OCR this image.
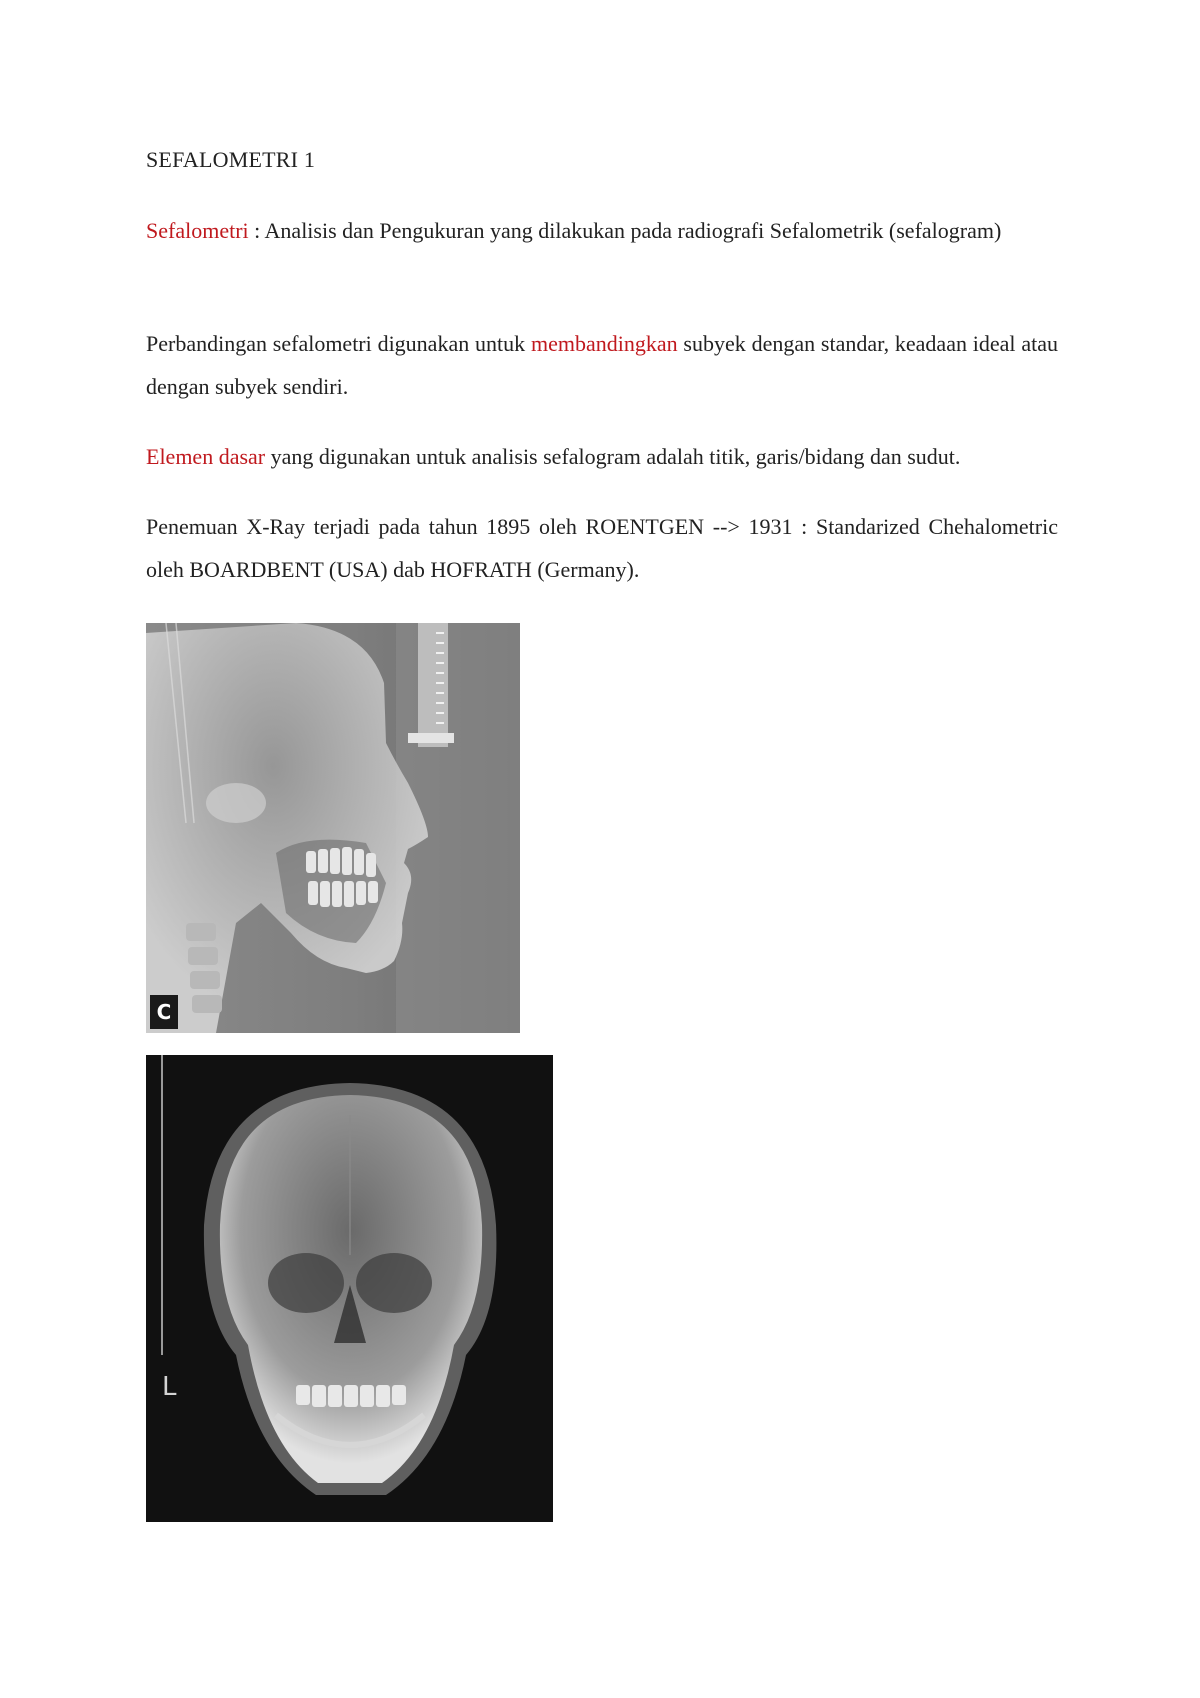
SEFALOMETRI 1

Sefalometri : Analisis dan Pengukuran yang dilakukan pada radiografi Sefalometrik (sefalogram)

Perbandingan sefalometri digunakan untuk membandingkan subyek dengan standar, keadaan ideal atau dengan subyek sendiri.

Elemen dasar yang digunakan untuk analisis sefalogram adalah titik, garis/bidang dan sudut.

Penemuan X-Ray terjadi pada tahun 1895 oleh ROENTGEN --> 1931 : Standarized Chehalometric oleh BOARDBENT (USA) dab HOFRATH (Germany).

C
L
